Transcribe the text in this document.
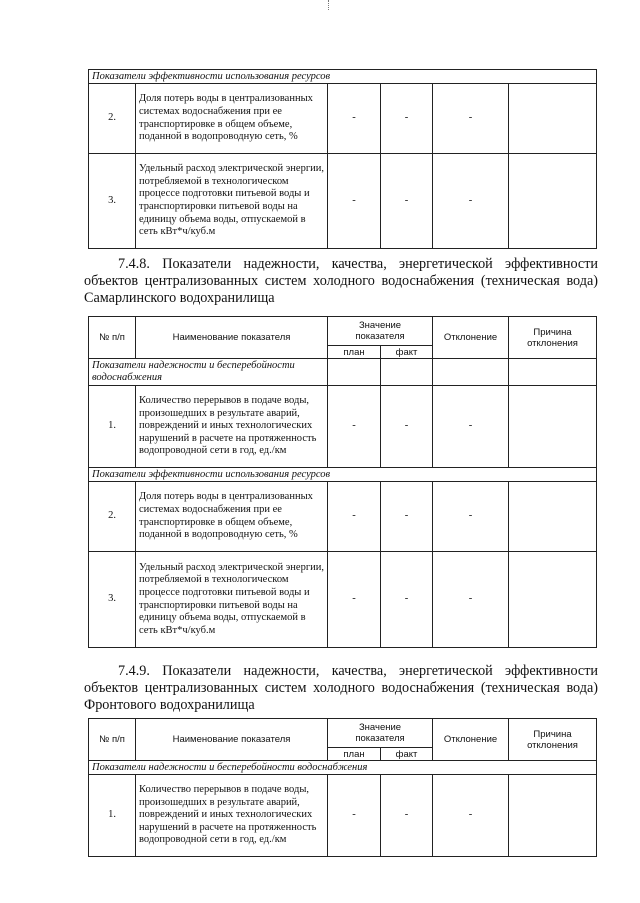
Показатели эффективности использования ресурсов					
2.	Доля потерь воды в централизованных системах водоснабжения при ее транспортировке в общем объеме, поданной в водопроводную сеть, %	-	-	-	
3.	Удельный расход электрической энергии, потребляемой в технологическом процессе подготовки питьевой воды и транспортировки питьевой воды на единицу объема воды, отпускаемой в сеть кВт*ч/куб.м	-	-	-	

7.4.8. Показатели надежности, качества, энергетической эффективности объектов централизованных систем холодного водоснабжения (техническая вода) Самарлинского водохранилища

№ п/п	Наименование показателя	Значение показателя		Отклонение	Причина отклонения
		план	факт		
Показатели надежности и бесперебойности водоснабжения					
1.	Количество перерывов в подаче воды, произошедших в результате аварий, повреждений и иных технологических нарушений в расчете на протяженность водопроводной сети в год, ед./км	-	-	-	
Показатели эффективности использования ресурсов					
2.	Доля потерь воды в централизованных системах водоснабжения при ее транспортировке в общем объеме, поданной в водопроводную сеть, %	-	-	-	
3.	Удельный расход электрической энергии, потребляемой в технологическом процессе подготовки питьевой воды и транспортировки питьевой воды на единицу объема воды, отпускаемой в сеть кВт*ч/куб.м	-	-	-	

7.4.9. Показатели надежности, качества, энергетической эффективности объектов централизованных систем холодного водоснабжения (техническая вода) Фронтового водохранилища

№ п/п	Наименование показателя	Значение показателя		Отклонение	Причина отклонения
		план	факт		
Показатели надежности и бесперебойности водоснабжения					
1.	Количество перерывов в подаче воды, произошедших в результате аварий, повреждений и иных технологических нарушений в расчете на протяженность водопроводной сети в год, ед./км	-	-	-	
